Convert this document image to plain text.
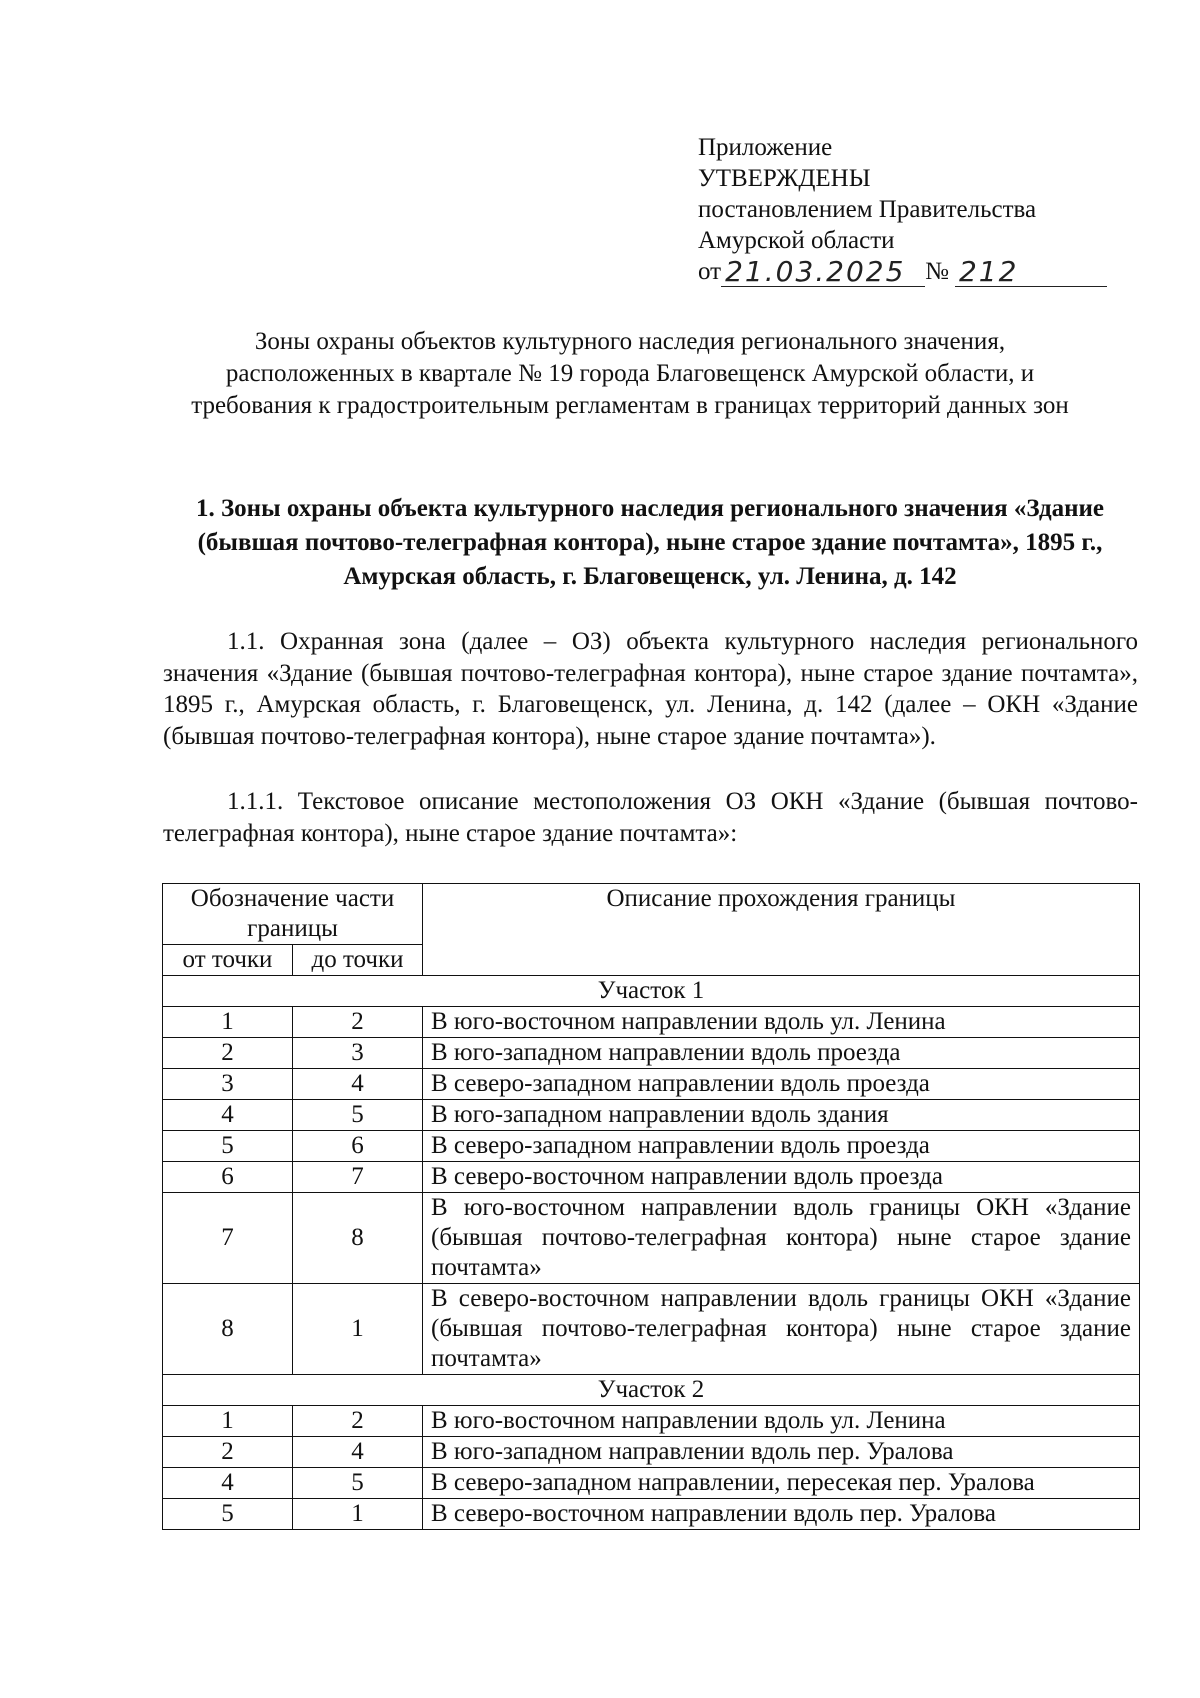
Приложение
УТВЕРЖДЕНЫ
постановлением Правительства
Амурской области
от 21.03.2025 № 212
Зоны охраны объектов культурного наследия регионального значения, расположенных в квартале № 19 города Благовещенск Амурской области, и требования к градостроительным регламентам в границах территорий данных зон
1. Зоны охраны объекта культурного наследия регионального значения «Здание (бывшая почтово-телеграфная контора), ныне старое здание почтамта», 1895 г., Амурская область, г. Благовещенск, ул. Ленина, д. 142
1.1. Охранная зона (далее – ОЗ) объекта культурного наследия регионального значения «Здание (бывшая почтово-телеграфная контора), ныне старое здание почтамта», 1895 г., Амурская область, г. Благовещенск, ул. Ленина, д. 142 (далее – ОКН «Здание (бывшая почтово-телеграфная контора), ныне старое здание почтамта»).
1.1.1. Текстовое описание местоположения ОЗ ОКН «Здание (бывшая почтово-телеграфная контора), ныне старое здание почтамта»:
Обозначение части границы		Описание прохождения границы
от точки	до точки	
Участок 1		
1	2	В юго-восточном направлении вдоль ул. Ленина
2	3	В юго-западном направлении вдоль проезда
3	4	В северо-западном направлении вдоль проезда
4	5	В юго-западном направлении вдоль здания
5	6	В северо-западном направлении вдоль проезда
6	7	В северо-восточном направлении вдоль проезда
7	8	В юго-восточном направлении вдоль границы ОКН «Здание (бывшая почтово-телеграфная контора) ныне старое здание почтамта»
8	1	В северо-восточном направлении вдоль границы ОКН «Здание (бывшая почтово-телеграфная контора) ныне старое здание почтамта»
Участок 2		
1	2	В юго-восточном направлении вдоль ул. Ленина
2	4	В юго-западном направлении вдоль пер. Уралова
4	5	В северо-западном направлении, пересекая пер. Уралова
5	1	В северо-восточном направлении вдоль пер. Уралова
